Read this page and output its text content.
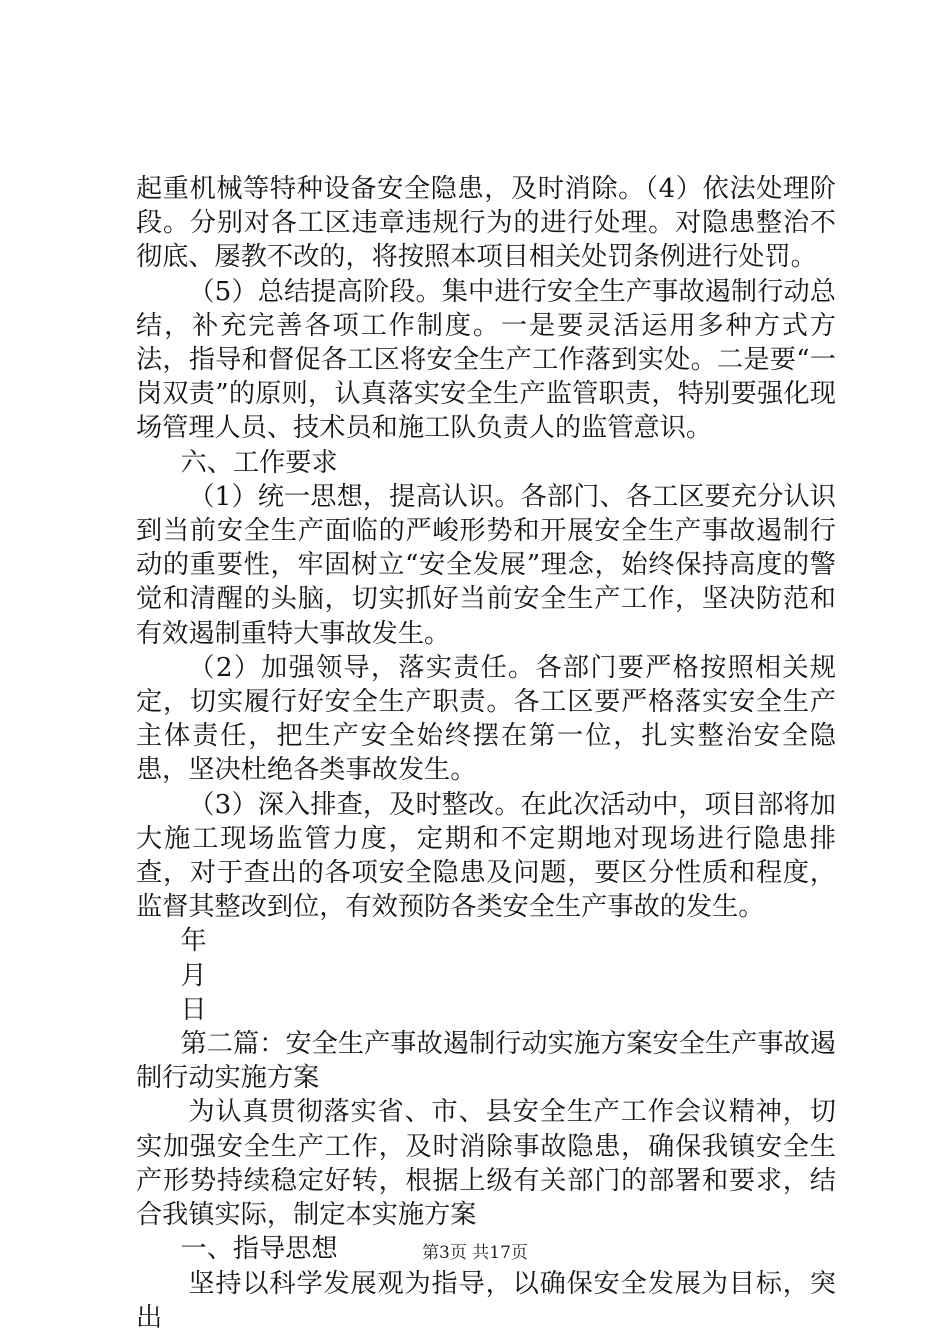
起重机械等特种设备安全隐患，及时消除。（4）依法处理阶段。分别对各工区违章违规行为的进行处理。对隐患整治不彻底、屡教不改的，将按照本项目相关处罚条例进行处罚。

（5）总结提高阶段。集中进行安全生产事故遏制行动总结，补充完善各项工作制度。一是要灵活运用多种方式方法，指导和督促各工区将安全生产工作落到实处。二是要“一岗双责”的原则，认真落实安全生产监管职责，特别要强化现场管理人员、技术员和施工队负责人的监管意识。

六、工作要求

（1）统一思想，提高认识。各部门、各工区要充分认识到当前安全生产面临的严峻形势和开展安全生产事故遏制行动的重要性，牢固树立“安全发展”理念，始终保持高度的警觉和清醒的头脑，切实抓好当前安全生产工作，坚决防范和有效遏制重特大事故发生。

（2）加强领导，落实责任。各部门要严格按照相关规定，切实履行好安全生产职责。各工区要严格落实安全生产主体责任，把生产安全始终摆在第一位，扎实整治安全隐患，坚决杜绝各类事故发生。

（3）深入排查，及时整改。在此次活动中，项目部将加大施工现场监管力度，定期和不定期地对现场进行隐患排查，对于查出的各项安全隐患及问题，要区分性质和程度，监督其整改到位，有效预防各类安全生产事故的发生。

年

月

日

第二篇：安全生产事故遏制行动实施方案安全生产事故遏制行动实施方案

为认真贯彻落实省、市、县安全生产工作会议精神，切实加强安全生产工作，及时消除事故隐患，确保我镇安全生产形势持续稳定好转，根据上级有关部门的部署和要求，结合我镇实际，制定本实施方案

一、指导思想

坚持以科学发展观为指导，以确保安全发展为目标，突出

第3页 共17页
